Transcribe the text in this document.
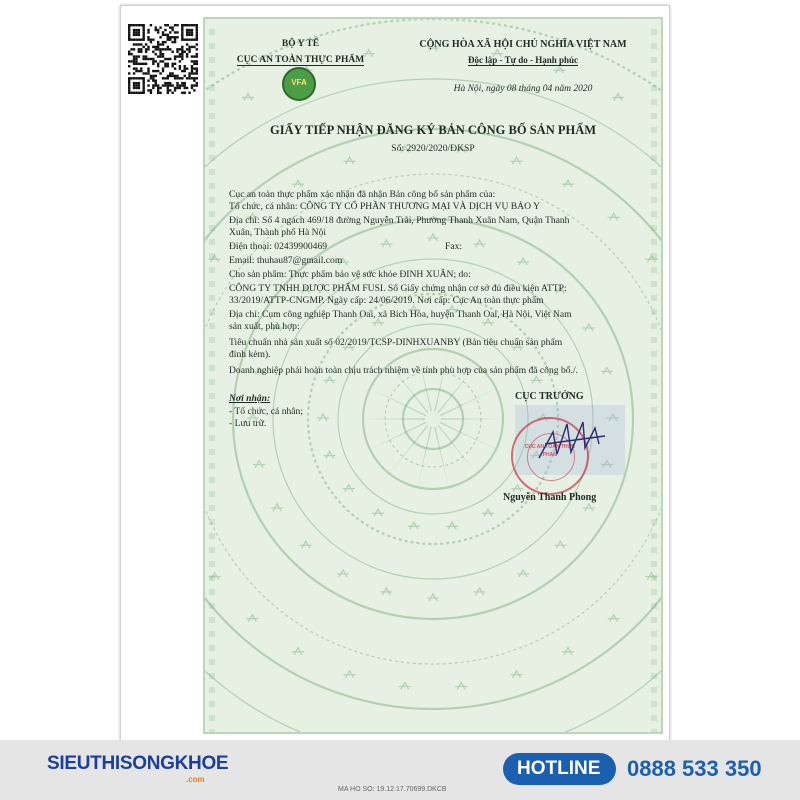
BỘ Y TẾ
CỤC AN TOÀN THỰC PHẨM
VFA
CỘNG HÒA XÃ HỘI CHỦ NGHĨA VIỆT NAM
Độc lập - Tự do - Hạnh phúc
Hà Nội, ngày 08 tháng 04 năm 2020
GIẤY TIẾP NHẬN ĐĂNG KÝ BẢN CÔNG BỐ SẢN PHẨM
Số: 2920/2020/ĐKSP
Cục an toàn thực phẩm xác nhận đã nhận Bản công bố sản phẩm của:
Tổ chức, cá nhân: CÔNG TY CỔ PHẦN THƯƠNG MẠI VÀ DỊCH VỤ BẢO Y
Địa chỉ: Số 4 ngách 469/18 đường Nguyễn Trãi, Phường Thanh Xuân Nam, Quận Thanh
Xuân, Thành phố Hà Nội
Điện thoại: 02439900469	Fax:
Email: thuhau87@gmail.com
Cho sản phẩm: Thực phẩm bảo vệ sức khỏe ĐINH XUÂN; do:
CÔNG TY TNHH DƯỢC PHẨM FUSI. Số Giấy chứng nhận cơ sở đủ điều kiện ATTP:
33/2019/ATTP-CNGMP. Ngày cấp: 24/06/2019. Nơi cấp: Cục An toàn thực phẩm
Địa chỉ: Cụm công nghiệp Thanh Oai, xã Bích Hòa, huyện Thanh Oai, Hà Nội, Việt Nam
sản xuất, phù hợp:
Tiêu chuẩn nhà sản xuất số 02/2019/TCSP-DINHXUANBY (Bản tiêu chuẩn sản phẩm
đính kèm).
Doanh nghiệp phải hoàn toàn chịu trách nhiệm về tính phù hợp của sản phẩm đã công bố./.
Nơi nhận:
- Tổ chức, cá nhân;
- Lưu trữ.
CỤC TRƯỞNG
CỤC AN TOÀN THỰC PHẨM
Nguyễn Thanh Phong
SIEUTHISONGKHOE
.com
HOTLINE 0888 533 350
MA HO SO: 19.12.17.70699.DKCB
